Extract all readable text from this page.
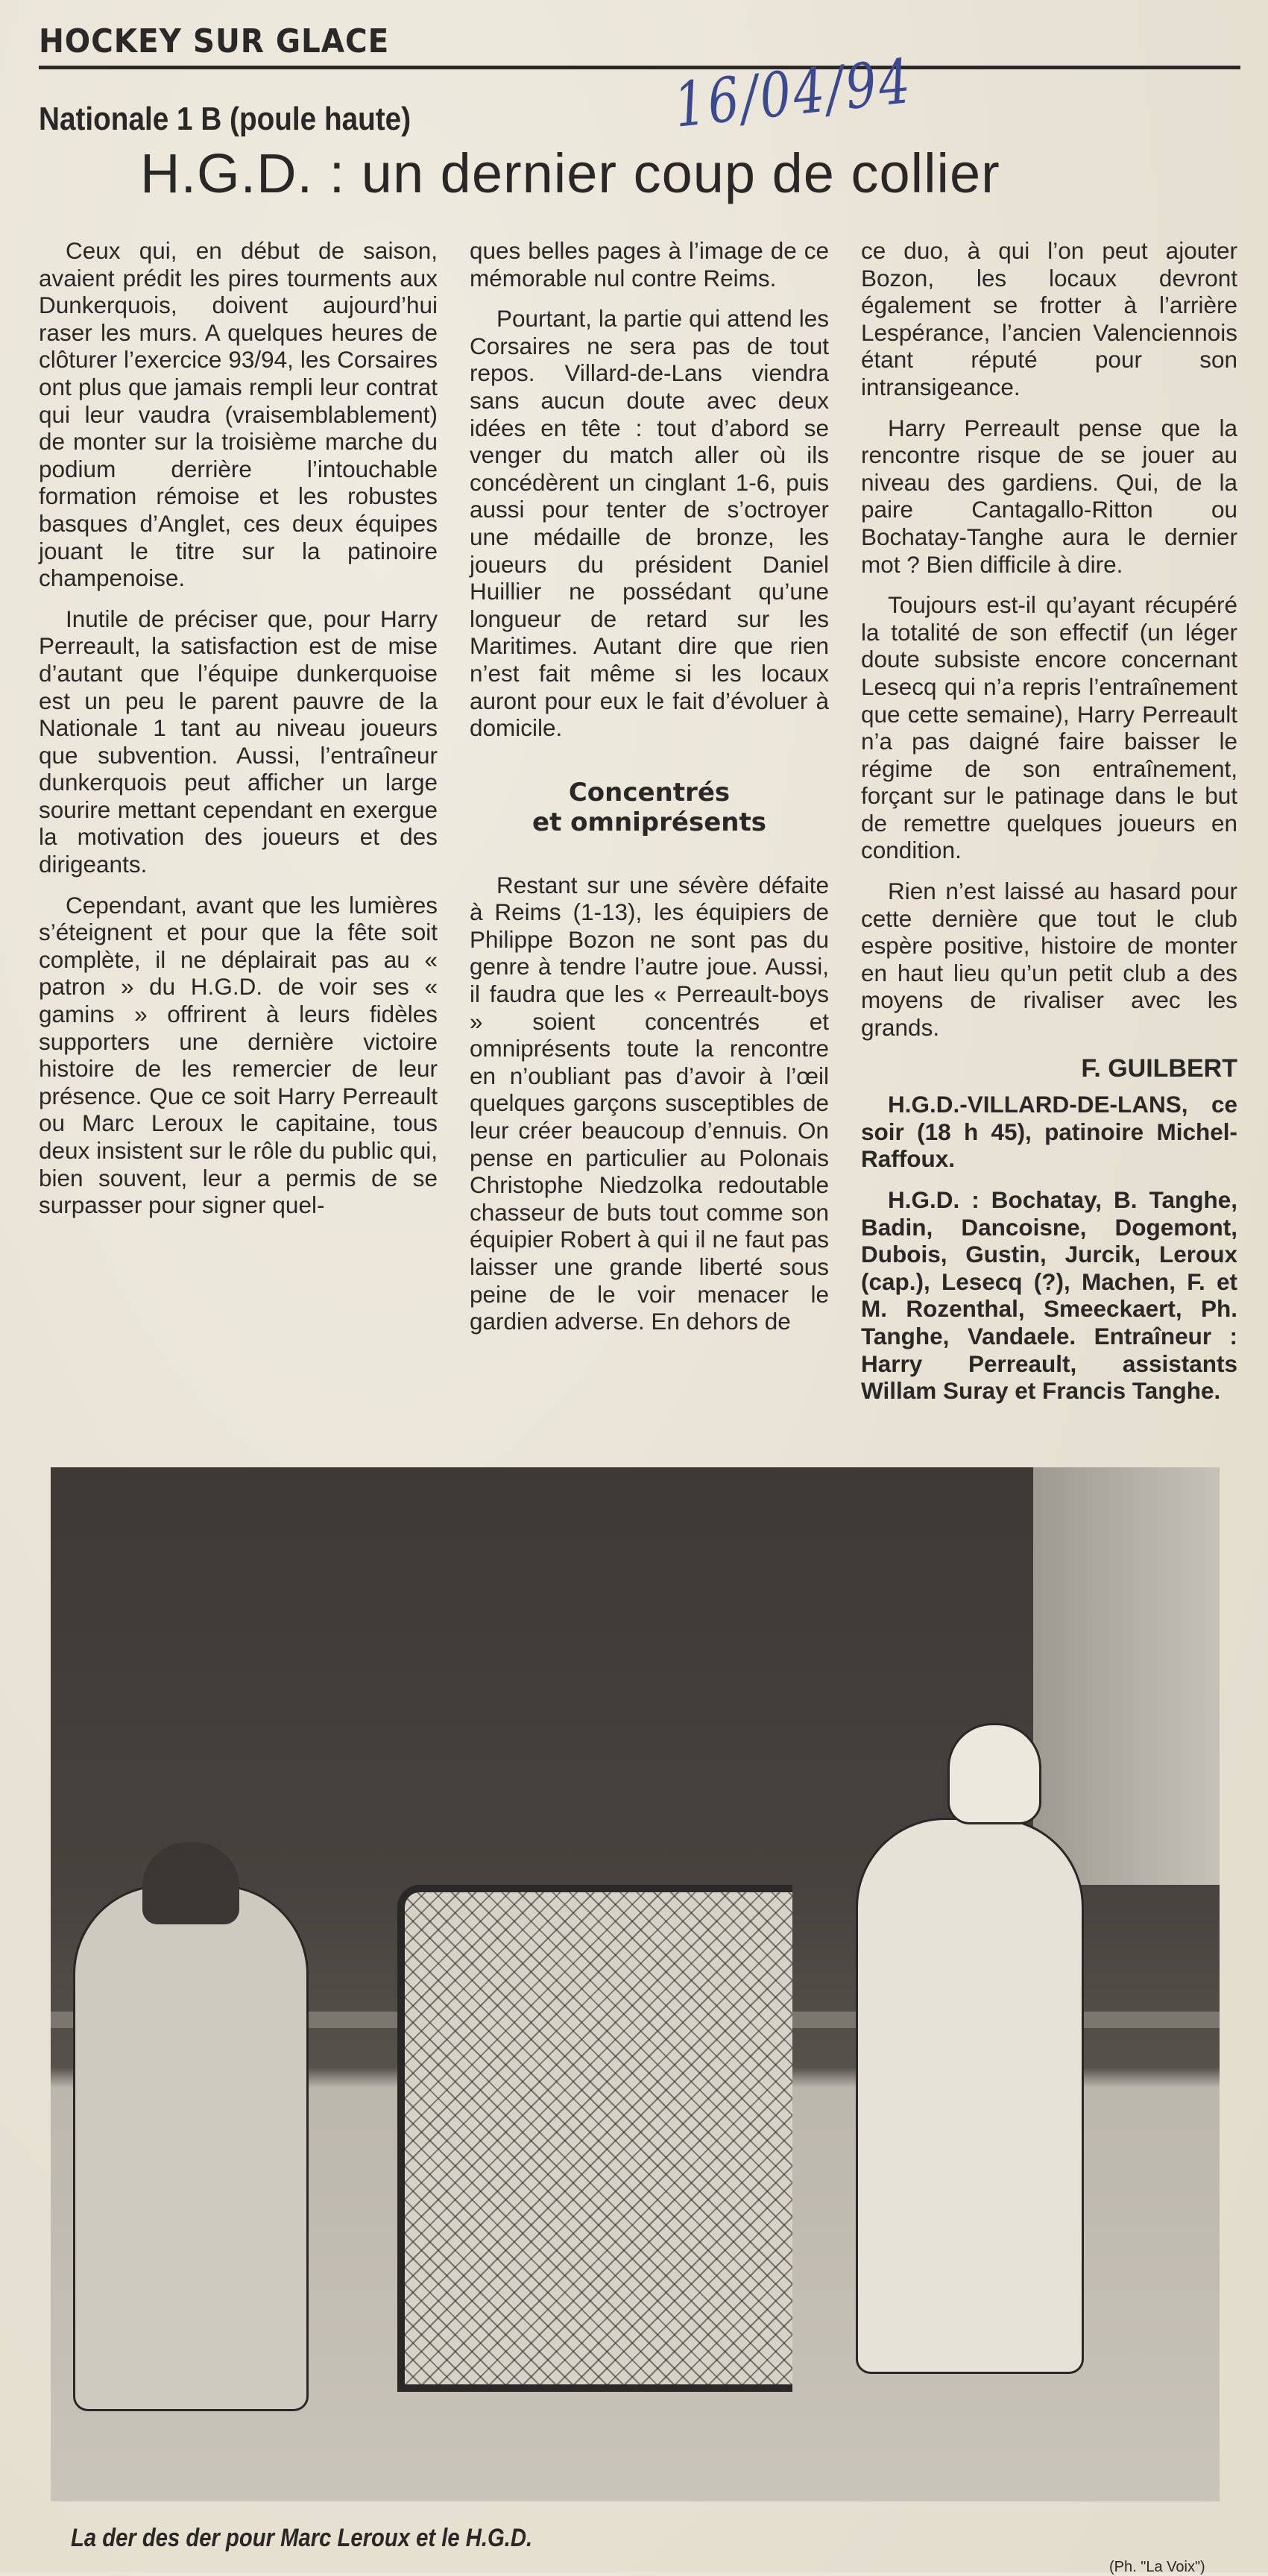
HOCKEY SUR GLACE
16/04/94
Nationale 1 B (poule haute)
H.G.D. : un dernier coup de collier

Ceux qui, en début de saison, avaient prédit les pires tourments aux Dunkerquois, doivent aujourd’hui raser les murs. A quelques heures de clôturer l’exercice 93/94, les Corsaires ont plus que jamais rempli leur contrat qui leur vaudra (vraisemblablement) de monter sur la troisième marche du podium derrière l’intouchable formation rémoise et les robustes basques d’Anglet, ces deux équipes jouant le titre sur la patinoire champenoise.

Inutile de préciser que, pour Harry Perreault, la satisfaction est de mise d’autant que l’équipe dunkerquoise est un peu le parent pauvre de la Nationale 1 tant au niveau joueurs que subvention. Aussi, l’entraîneur dunkerquois peut afficher un large sourire mettant cependant en exergue la motivation des joueurs et des dirigeants.

Cependant, avant que les lumières s’éteignent et pour que la fête soit complète, il ne déplairait pas au « patron » du H.G.D. de voir ses « gamins » offrirent à leurs fidèles supporters une dernière victoire histoire de les remercier de leur présence. Que ce soit Harry Perreault ou Marc Leroux le capitaine, tous deux insistent sur le rôle du public qui, bien souvent, leur a permis de se surpasser pour signer quel-

ques belles pages à l’image de ce mémorable nul contre Reims.

Pourtant, la partie qui attend les Corsaires ne sera pas de tout repos. Villard-de-Lans viendra sans aucun doute avec deux idées en tête : tout d’abord se venger du match aller où ils concédèrent un cinglant 1-6, puis aussi pour tenter de s’octroyer une médaille de bronze, les joueurs du président Daniel Huillier ne possédant qu’une longueur de retard sur les Maritimes. Autant dire que rien n’est fait même si les locaux auront pour eux le fait d’évoluer à domicile.

Concentrés
et omniprésents

Restant sur une sévère défaite à Reims (1-13), les équipiers de Philippe Bozon ne sont pas du genre à tendre l’autre joue. Aussi, il faudra que les « Perreault-boys » soient concentrés et omniprésents toute la rencontre en n’oubliant pas d’avoir à l’œil quelques garçons susceptibles de leur créer beaucoup d’ennuis. On pense en particulier au Polonais Christophe Niedzolka redoutable chasseur de buts tout comme son équipier Robert à qui il ne faut pas laisser une grande liberté sous peine de le voir menacer le gardien adverse. En dehors de

ce duo, à qui l’on peut ajouter Bozon, les locaux devront également se frotter à l’arrière Lespérance, l’ancien Valenciennois étant réputé pour son intransigeance.

Harry Perreault pense que la rencontre risque de se jouer au niveau des gardiens. Qui, de la paire Cantagallo-Ritton ou Bochatay-Tanghe aura le dernier mot ? Bien difficile à dire.

Toujours est-il qu’ayant récupéré la totalité de son effectif (un léger doute subsiste encore concernant Lesecq qui n’a repris l’entraînement que cette semaine), Harry Perreault n’a pas daigné faire baisser le régime de son entraînement, forçant sur le patinage dans le but de remettre quelques joueurs en condition.

Rien n’est laissé au hasard pour cette dernière que tout le club espère positive, histoire de monter en haut lieu qu’un petit club a des moyens de rivaliser avec les grands.

F. GUILBERT

H.G.D.-VILLARD-DE-LANS, ce soir (18 h 45), patinoire Michel-Raffoux.

H.G.D. : Bochatay, B. Tanghe, Badin, Dancoisne, Dogemont, Dubois, Gustin, Jurcik, Leroux (cap.), Lesecq (?), Machen, F. et M. Rozenthal, Smeeckaert, Ph. Tanghe, Vandaele. Entraîneur : Harry Perreault, assistants Willam Suray et Francis Tanghe.

La der des der pour Marc Leroux et le H.G.D.
(Ph. "La Voix")
